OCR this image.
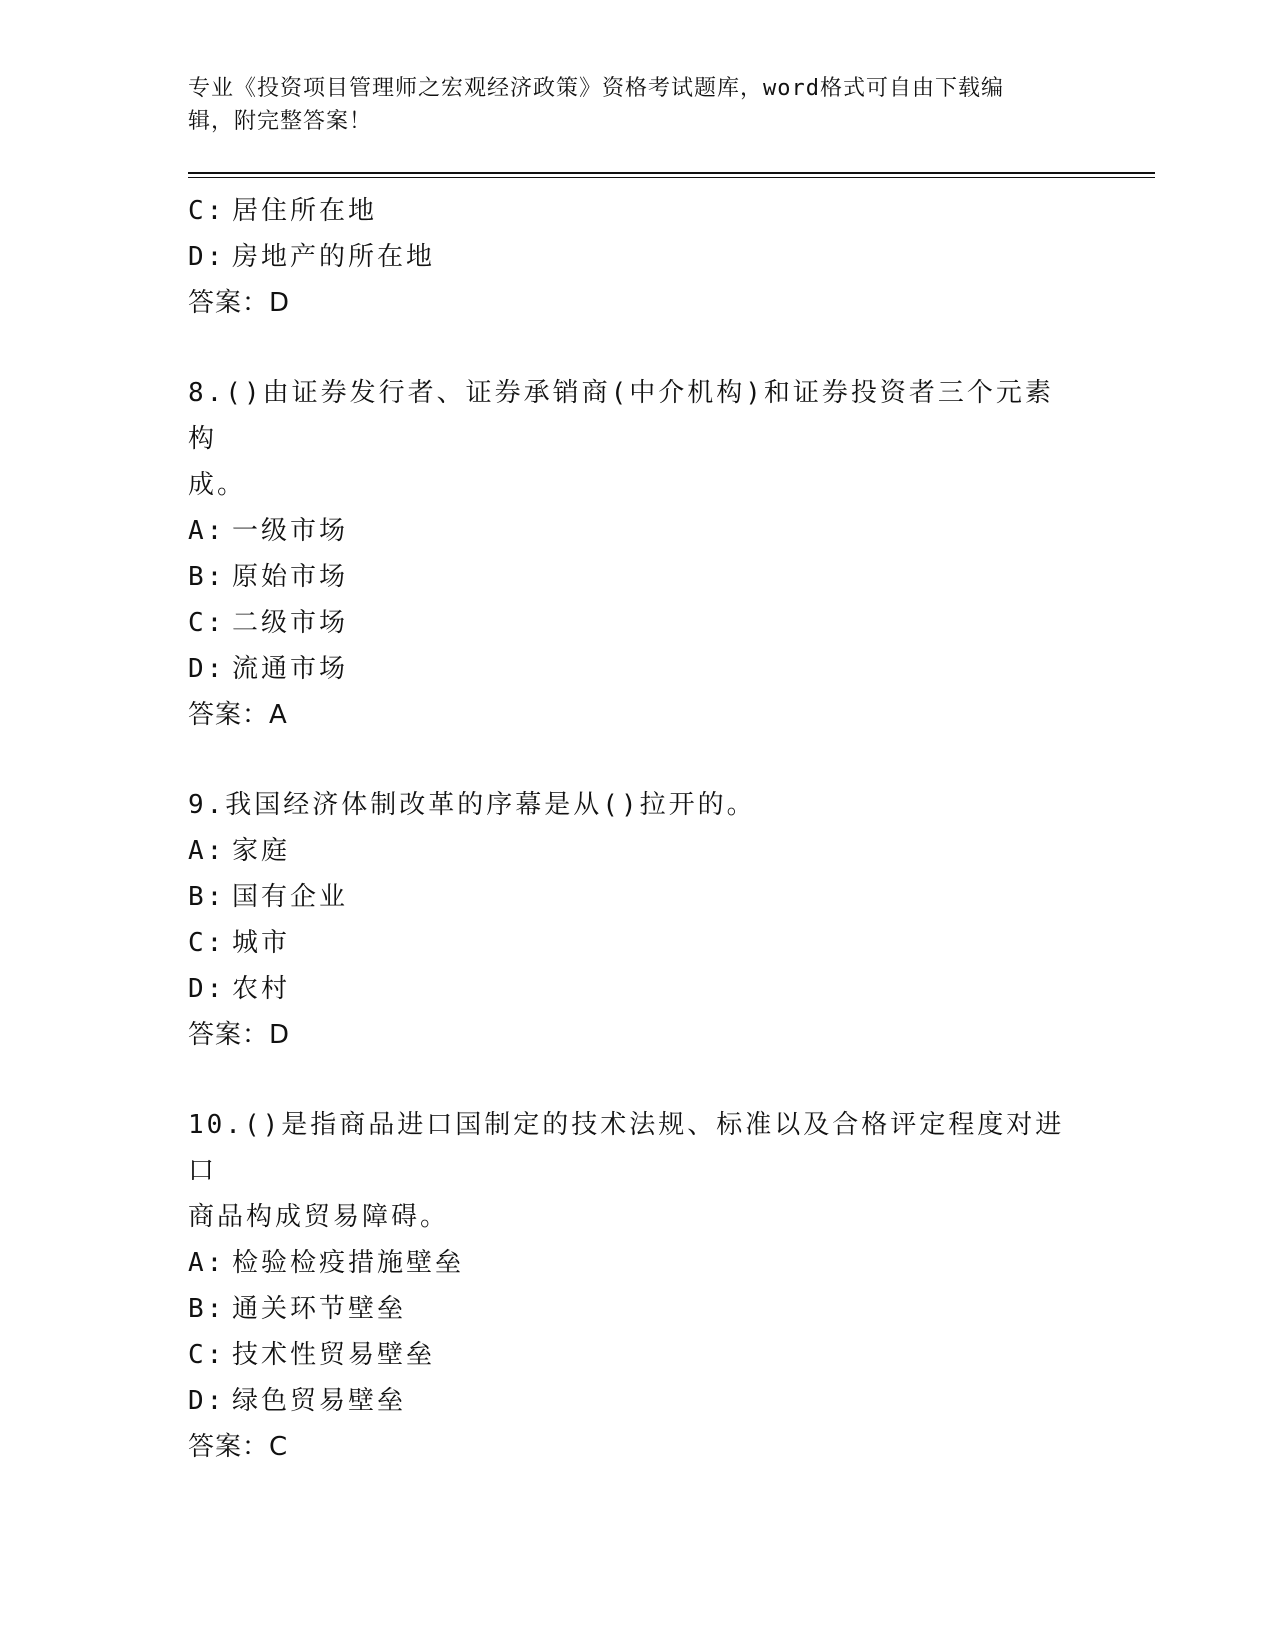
专业《投资项目管理师之宏观经济政策》资格考试题库，word格式可自由下载编
辑，附完整答案！
C: 居住所在地
D: 房地产的所在地
答案：D
8.()由证券发行者、证券承销商(中介机构)和证券投资者三个元素构
成。
A: 一级市场
B: 原始市场
C: 二级市场
D: 流通市场
答案：A
9.我国经济体制改革的序幕是从()拉开的。
A: 家庭
B: 国有企业
C: 城市
D: 农村
答案：D
10.()是指商品进口国制定的技术法规、标准以及合格评定程度对进口
商品构成贸易障碍。
A: 检验检疫措施壁垒
B: 通关环节壁垒
C: 技术性贸易壁垒
D: 绿色贸易壁垒
答案：C
